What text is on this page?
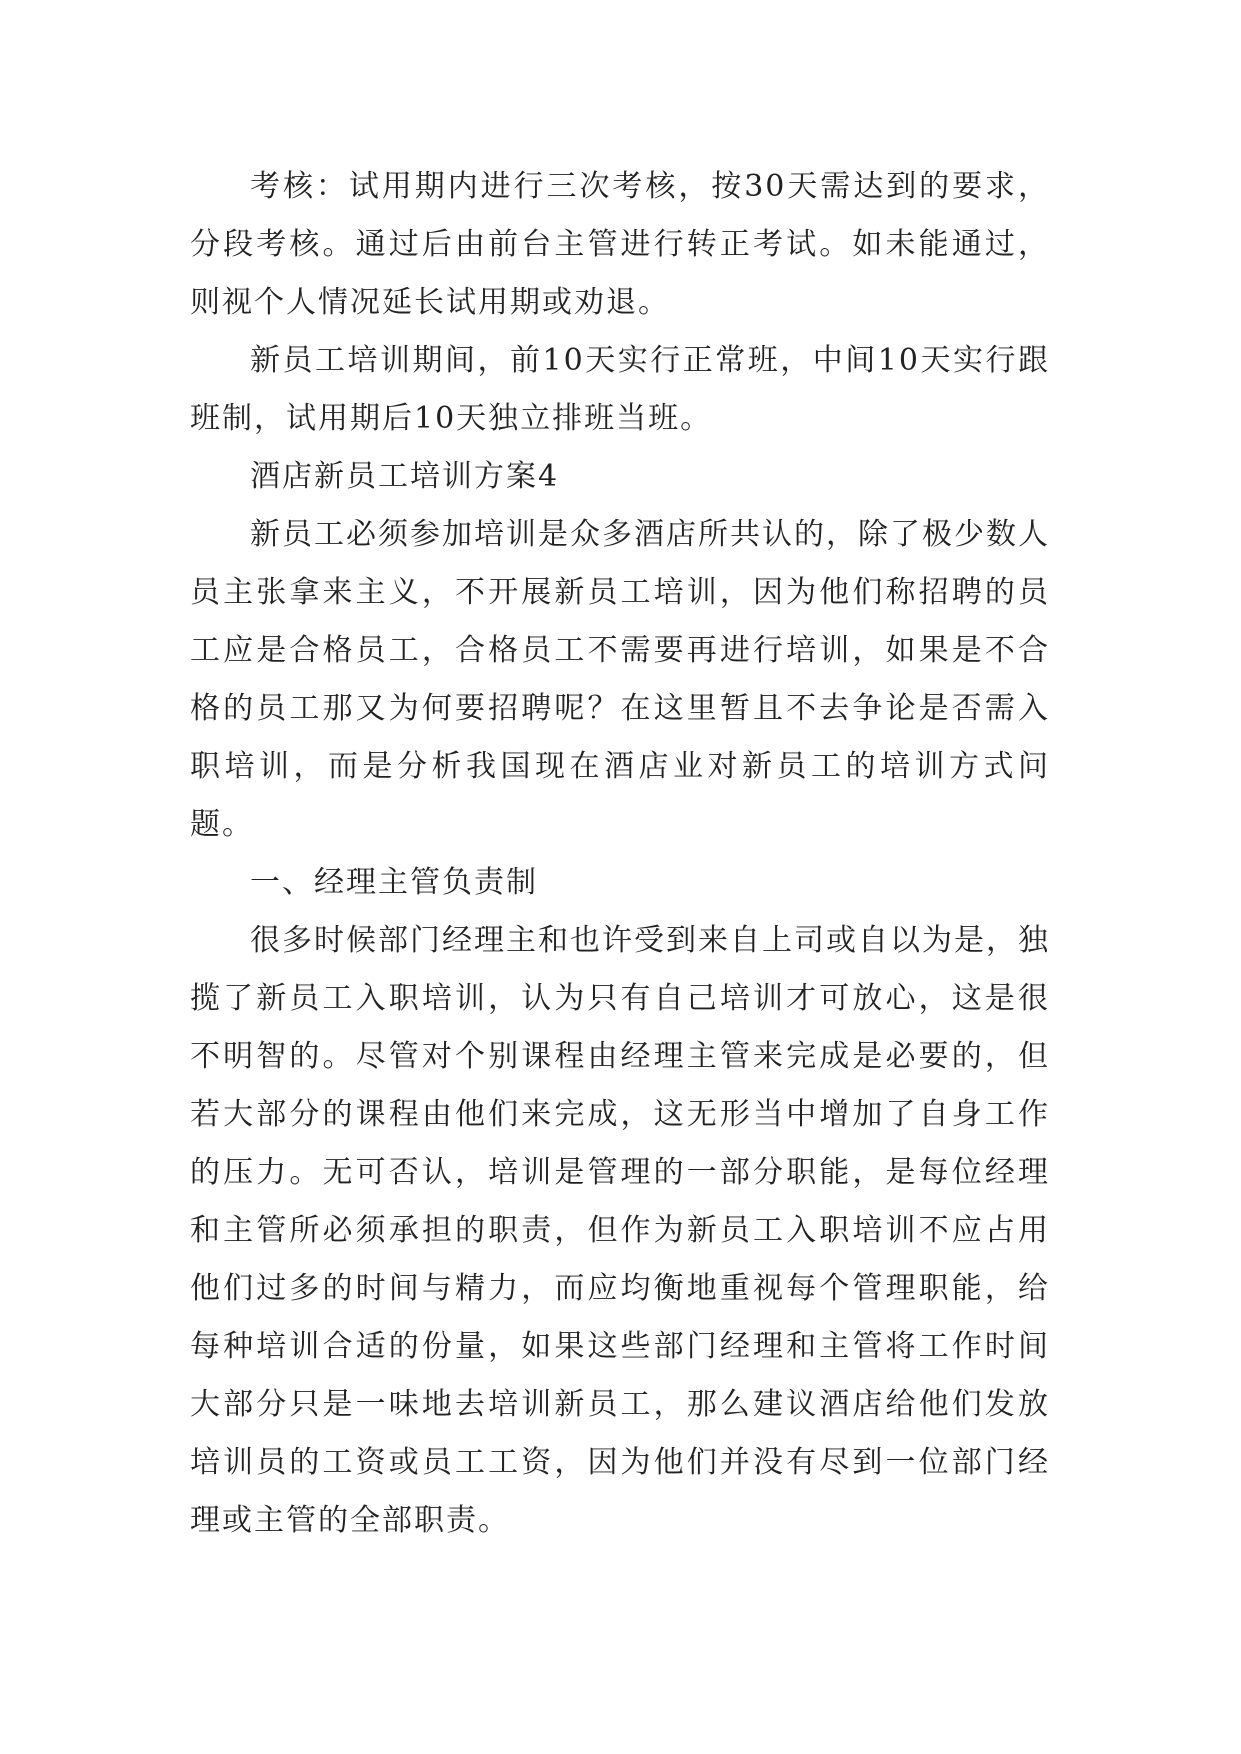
考核：试用期内进行三次考核，按30天需达到的要求，分段考核。通过后由前台主管进行转正考试。如未能通过，则视个人情况延长试用期或劝退。

新员工培训期间，前10天实行正常班，中间10天实行跟班制，试用期后10天独立排班当班。

酒店新员工培训方案4

新员工必须参加培训是众多酒店所共认的，除了极少数人员主张拿来主义，不开展新员工培训，因为他们称招聘的员工应是合格员工，合格员工不需要再进行培训，如果是不合格的员工那又为何要招聘呢？在这里暂且不去争论是否需入职培训，而是分析我国现在酒店业对新员工的培训方式问题。

一、经理主管负责制

很多时候部门经理主和也许受到来自上司或自以为是，独揽了新员工入职培训，认为只有自己培训才可放心，这是很不明智的。尽管对个别课程由经理主管来完成是必要的，但若大部分的课程由他们来完成，这无形当中增加了自身工作的压力。无可否认，培训是管理的一部分职能，是每位经理和主管所必须承担的职责，但作为新员工入职培训不应占用他们过多的时间与精力，而应均衡地重视每个管理职能，给每种培训合适的份量，如果这些部门经理和主管将工作时间大部分只是一味地去培训新员工，那么建议酒店给他们发放培训员的工资或员工工资，因为他们并没有尽到一位部门经理或主管的全部职责。
